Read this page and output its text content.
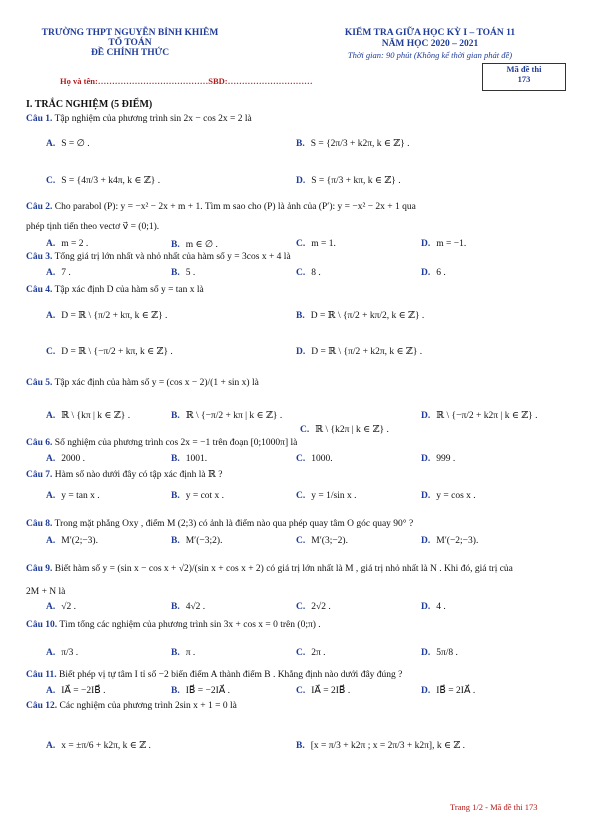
TRƯỜNG THPT NGUYỄN BỈNH KHIÊM
TỔ TOÁN
ĐỀ CHÍNH THỨC
KIỂM TRA GIỮA HỌC KỲ I – TOÁN 11
NĂM HỌC 2020 – 2021
Thời gian: 90 phút (Không kể thời gian phát đề)
Họ và tên:…………………………………SBD:…………………………
Mã đề thi
173
I. TRẮC NGHIỆM (5 ĐIỂM)
Câu 1. Tập nghiệm của phương trình sin 2x − cos 2x = 2 là
A. S = ∅ .	B. S = {2π/3 + k2π, k ∈ ℤ} .
C. S = {4π/3 + k4π, k ∈ ℤ} .	D. S = {π/3 + kπ, k ∈ ℤ} .
Câu 2. Cho parabol (P): y = −x² − 2x + m + 1. Tìm m sao cho (P) là ảnh của (P′): y = −x² − 2x + 1 qua
phép tịnh tiến theo vectơ v⃗ = (0;1).
A. m = 2 .	B. m ∈ ∅ .	C. m = 1.	D. m = −1.
Câu 3. Tổng giá trị lớn nhất và nhỏ nhất của hàm số y = 3cos x + 4 là
A. 7 .	B. 5 .	C. 8 .	D. 6 .
Câu 4. Tập xác định D của hàm số y = tan x là
A. D = ℝ \ {π/2 + kπ, k ∈ ℤ} .	B. D = ℝ \ {π/2 + kπ/2, k ∈ ℤ} .
C. D = ℝ \ {−π/2 + kπ, k ∈ ℤ} .	D. D = ℝ \ {π/2 + k2π, k ∈ ℤ} .
Câu 5. Tập xác định của hàm số y = (cos x − 2)/(1 + sin x) là
A. ℝ \ {kπ | k ∈ ℤ} .	B. ℝ \ {−π/2 + kπ | k ∈ ℤ} .
C. ℝ \ {k2π | k ∈ ℤ} .
D. ℝ \ {−π/2 + k2π | k ∈ ℤ} .
Câu 6. Số nghiệm của phương trình cos 2x = −1 trên đoạn [0;1000π] là
A. 2000 .	B. 1001.	C. 1000.	D. 999 .
Câu 7. Hàm số nào dưới đây có tập xác định là ℝ ?
A. y = tan x .	B. y = cot x .	C. y = 1/sin x .	D. y = cos x .
Câu 8. Trong mặt phẳng Oxy , điểm M (2;3) có ảnh là điểm nào qua phép quay tâm O góc quay 90° ?
A. M′(2;−3).	B. M′(−3;2).	C. M′(3;−2).	D. M′(−2;−3).
Câu 9. Biết hàm số y = (sin x − cos x + √2)/(sin x + cos x + 2) có giá trị lớn nhất là M , giá trị nhỏ nhất là N . Khi đó, giá trị của
2M + N là
A. √2 .	B. 4√2 .	C. 2√2 .	D. 4 .
Câu 10. Tìm tổng các nghiệm của phương trình sin 3x + cos x = 0 trên (0;π) .
A. π/3 .	B. π .	C. 2π .	D. 5π/8 .
Câu 11. Biết phép vị tự tâm I tỉ số −2 biến điểm A thành điểm B . Khẳng định nào dưới đây đúng ?
A. IA⃗ = −2IB⃗ .	B. IB⃗ = −2IA⃗ .	C. IA⃗ = 2IB⃗ .	D. IB⃗ = 2IA⃗ .
Câu 12. Các nghiệm của phương trình 2sin x + 1 = 0 là
A. x = ±π/6 + k2π, k ∈ ℤ .	B. [x = π/3 + k2π ; x = 2π/3 + k2π], k ∈ ℤ .
Trang 1/2 - Mã đề thi 173
